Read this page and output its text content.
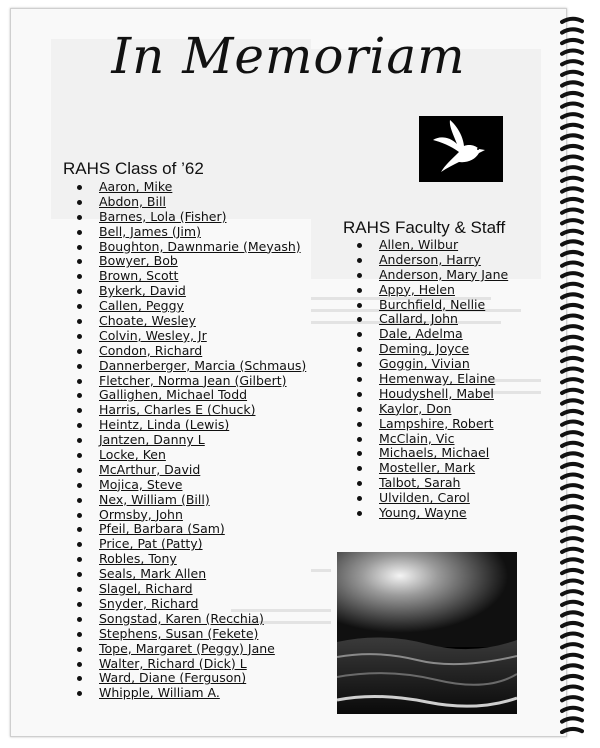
In Memoriam
RAHS Class of ’62
Aaron, Mike
Abdon, Bill
Barnes, Lola (Fisher)
Bell, James (Jim)
Boughton, Dawnmarie (Meyash)
Bowyer, Bob
Brown, Scott
Bykerk, David
Callen, Peggy
Choate, Wesley
Colvin, Wesley, Jr
Condon, Richard
Dannerberger, Marcia (Schmaus)
Fletcher, Norma Jean (Gilbert)
Gallighen, Michael Todd
Harris, Charles E (Chuck)
Heintz, Linda (Lewis)
Jantzen, Danny L
Locke, Ken
McArthur, David
Mojica, Steve
Nex, William (Bill)
Ormsby, John
Pfeil, Barbara (Sam)
Price, Pat (Patty)
Robles, Tony
Seals, Mark Allen
Slagel, Richard
Snyder, Richard
Songstad, Karen (Recchia)
Stephens, Susan (Fekete)
Tope, Margaret (Peggy) Jane
Walter, Richard (Dick) L
Ward, Diane (Ferguson)
Whipple, William A.
RAHS Faculty & Staff
Allen, Wilbur
Anderson, Harry
Anderson, Mary Jane
Appy, Helen
Burchfield, Nellie
Callard, John
Dale, Adelma
Deming, Joyce
Goggin, Vivian
Hemenway, Elaine
Houdyshell, Mabel
Kaylor, Don
Lampshire, Robert
McClain, Vic
Michaels, Michael
Mosteller, Mark
Talbot, Sarah
Ulvilden, Carol
Young, Wayne
